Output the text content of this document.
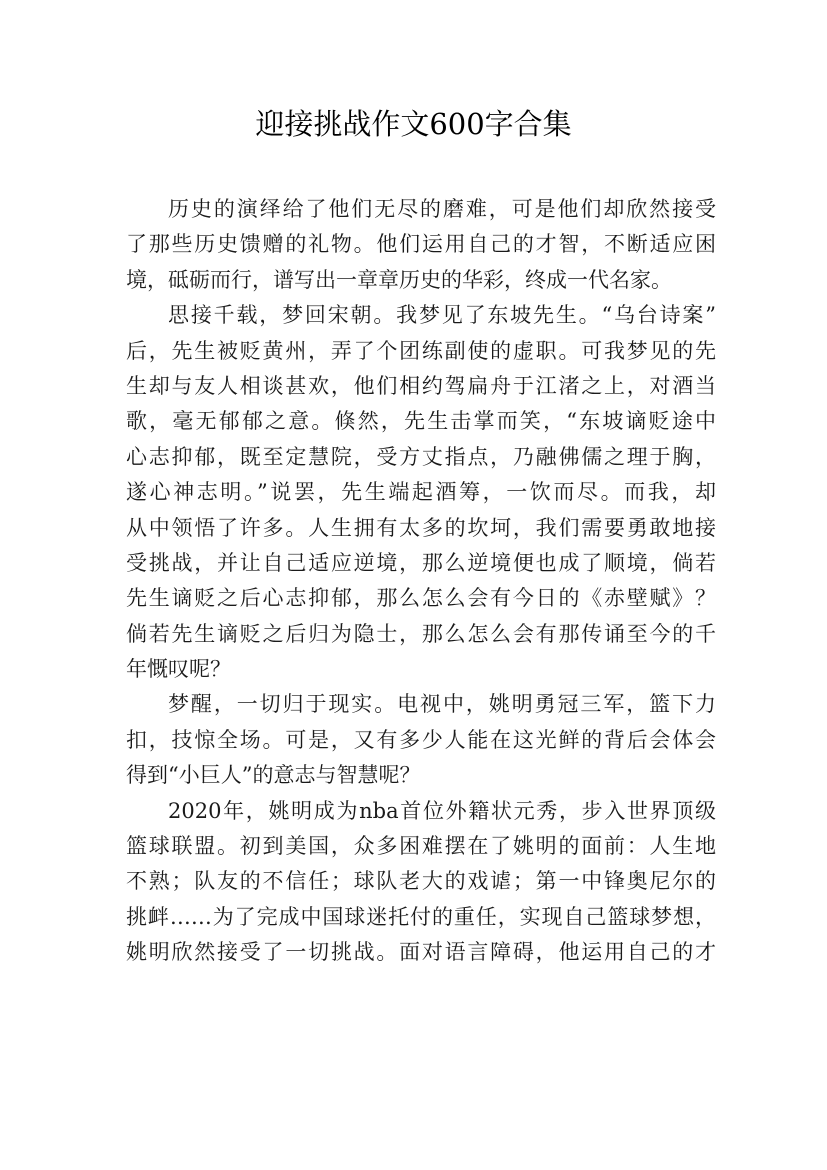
迎接挑战作文600字合集
历史的演绎给了他们无尽的磨难，可是他们却欣然接受
了那些历史馈赠的礼物。他们运用自己的才智，不断适应困
境，砥砺而行，谱写出一章章历史的华彩，终成一代名家。
思接千载，梦回宋朝。我梦见了东坡先生。“乌台诗案”
后，先生被贬黄州，弄了个团练副使的虚职。可我梦见的先
生却与友人相谈甚欢，他们相约驾扁舟于江渚之上，对酒当
歌，毫无郁郁之意。倏然，先生击掌而笑，“东坡谪贬途中
心志抑郁，既至定慧院，受方丈指点，乃融佛儒之理于胸，
遂心神志明。”说罢，先生端起酒筹，一饮而尽。而我，却
从中领悟了许多。人生拥有太多的坎坷，我们需要勇敢地接
受挑战，并让自己适应逆境，那么逆境便也成了顺境，倘若
先生谪贬之后心志抑郁，那么怎么会有今日的《赤壁赋》？
倘若先生谪贬之后归为隐士，那么怎么会有那传诵至今的千
年慨叹呢？
梦醒，一切归于现实。电视中，姚明勇冠三军，篮下力
扣，技惊全场。可是，又有多少人能在这光鲜的背后会体会
得到“小巨人”的意志与智慧呢？
2020年，姚明成为nba首位外籍状元秀，步入世界顶级
篮球联盟。初到美国，众多困难摆在了姚明的面前：人生地
不熟；队友的不信任；球队老大的戏谑；第一中锋奥尼尔的
挑衅……为了完成中国球迷托付的重任，实现自己篮球梦想，
姚明欣然接受了一切挑战。面对语言障碍，他运用自己的才
